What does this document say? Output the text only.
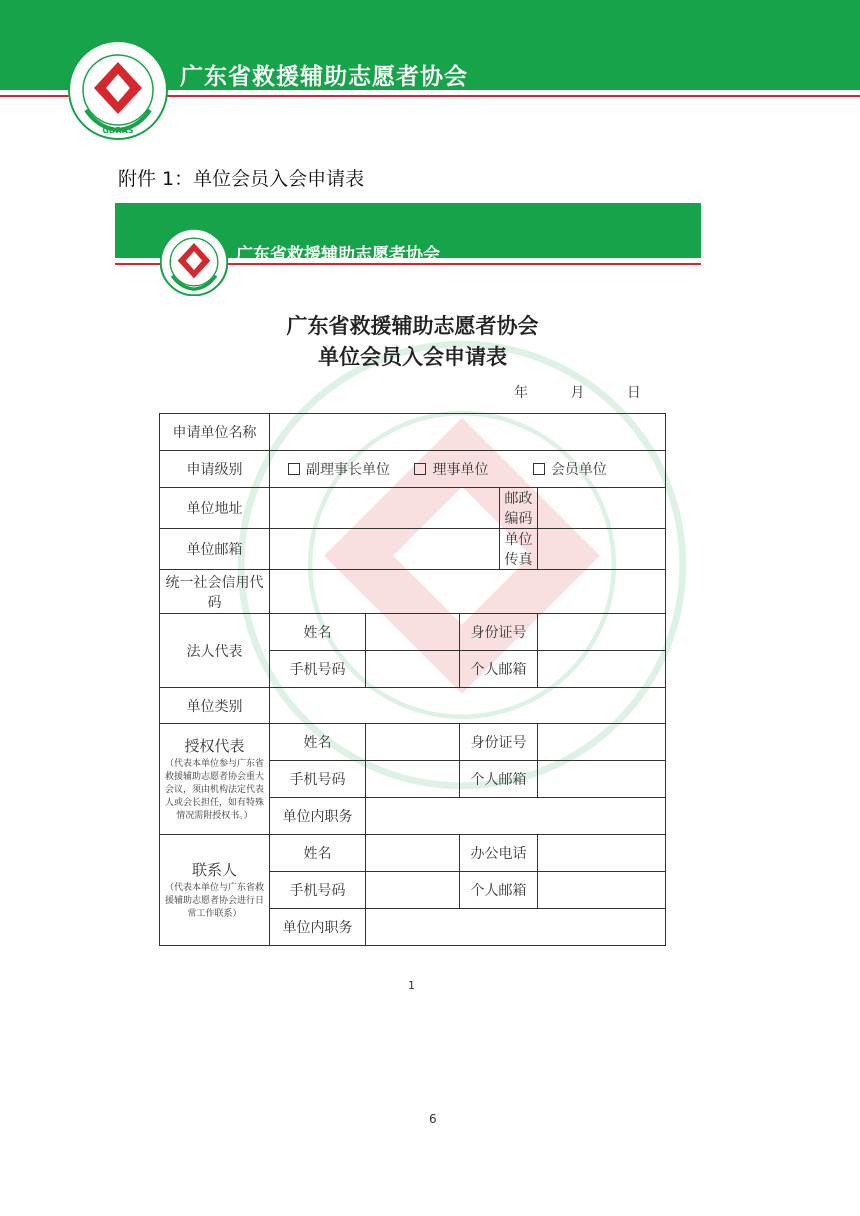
GDRAS
广东省救援辅助志愿者协会
附件 1：单位会员入会申请表
广东省救援辅助志愿者协会
广东省救援辅助志愿者协会
单位会员入会申请表
年	月	日
申请单位名称					
申请级别	副理事长单位 理事单位 会员单位				
单位地址				邮政编码	
单位邮箱				单位传真	
统一社会信用代码					
法人代表	姓名		身份证号		
	手机号码		个人邮箱		
单位类别					
授权代表
（代表本单位参与广东省救援辅助志愿者协会重大会议，须由机构法定代表人或会长担任，如有特殊情况需附授权书。）	姓名		身份证号		
	手机号码		个人邮箱		
	单位内职务				
联系人
（代表本单位与广东省救援辅助志愿者协会进行日常工作联系）	姓名		办公电话		
	手机号码		个人邮箱		
	单位内职务				
1
6
